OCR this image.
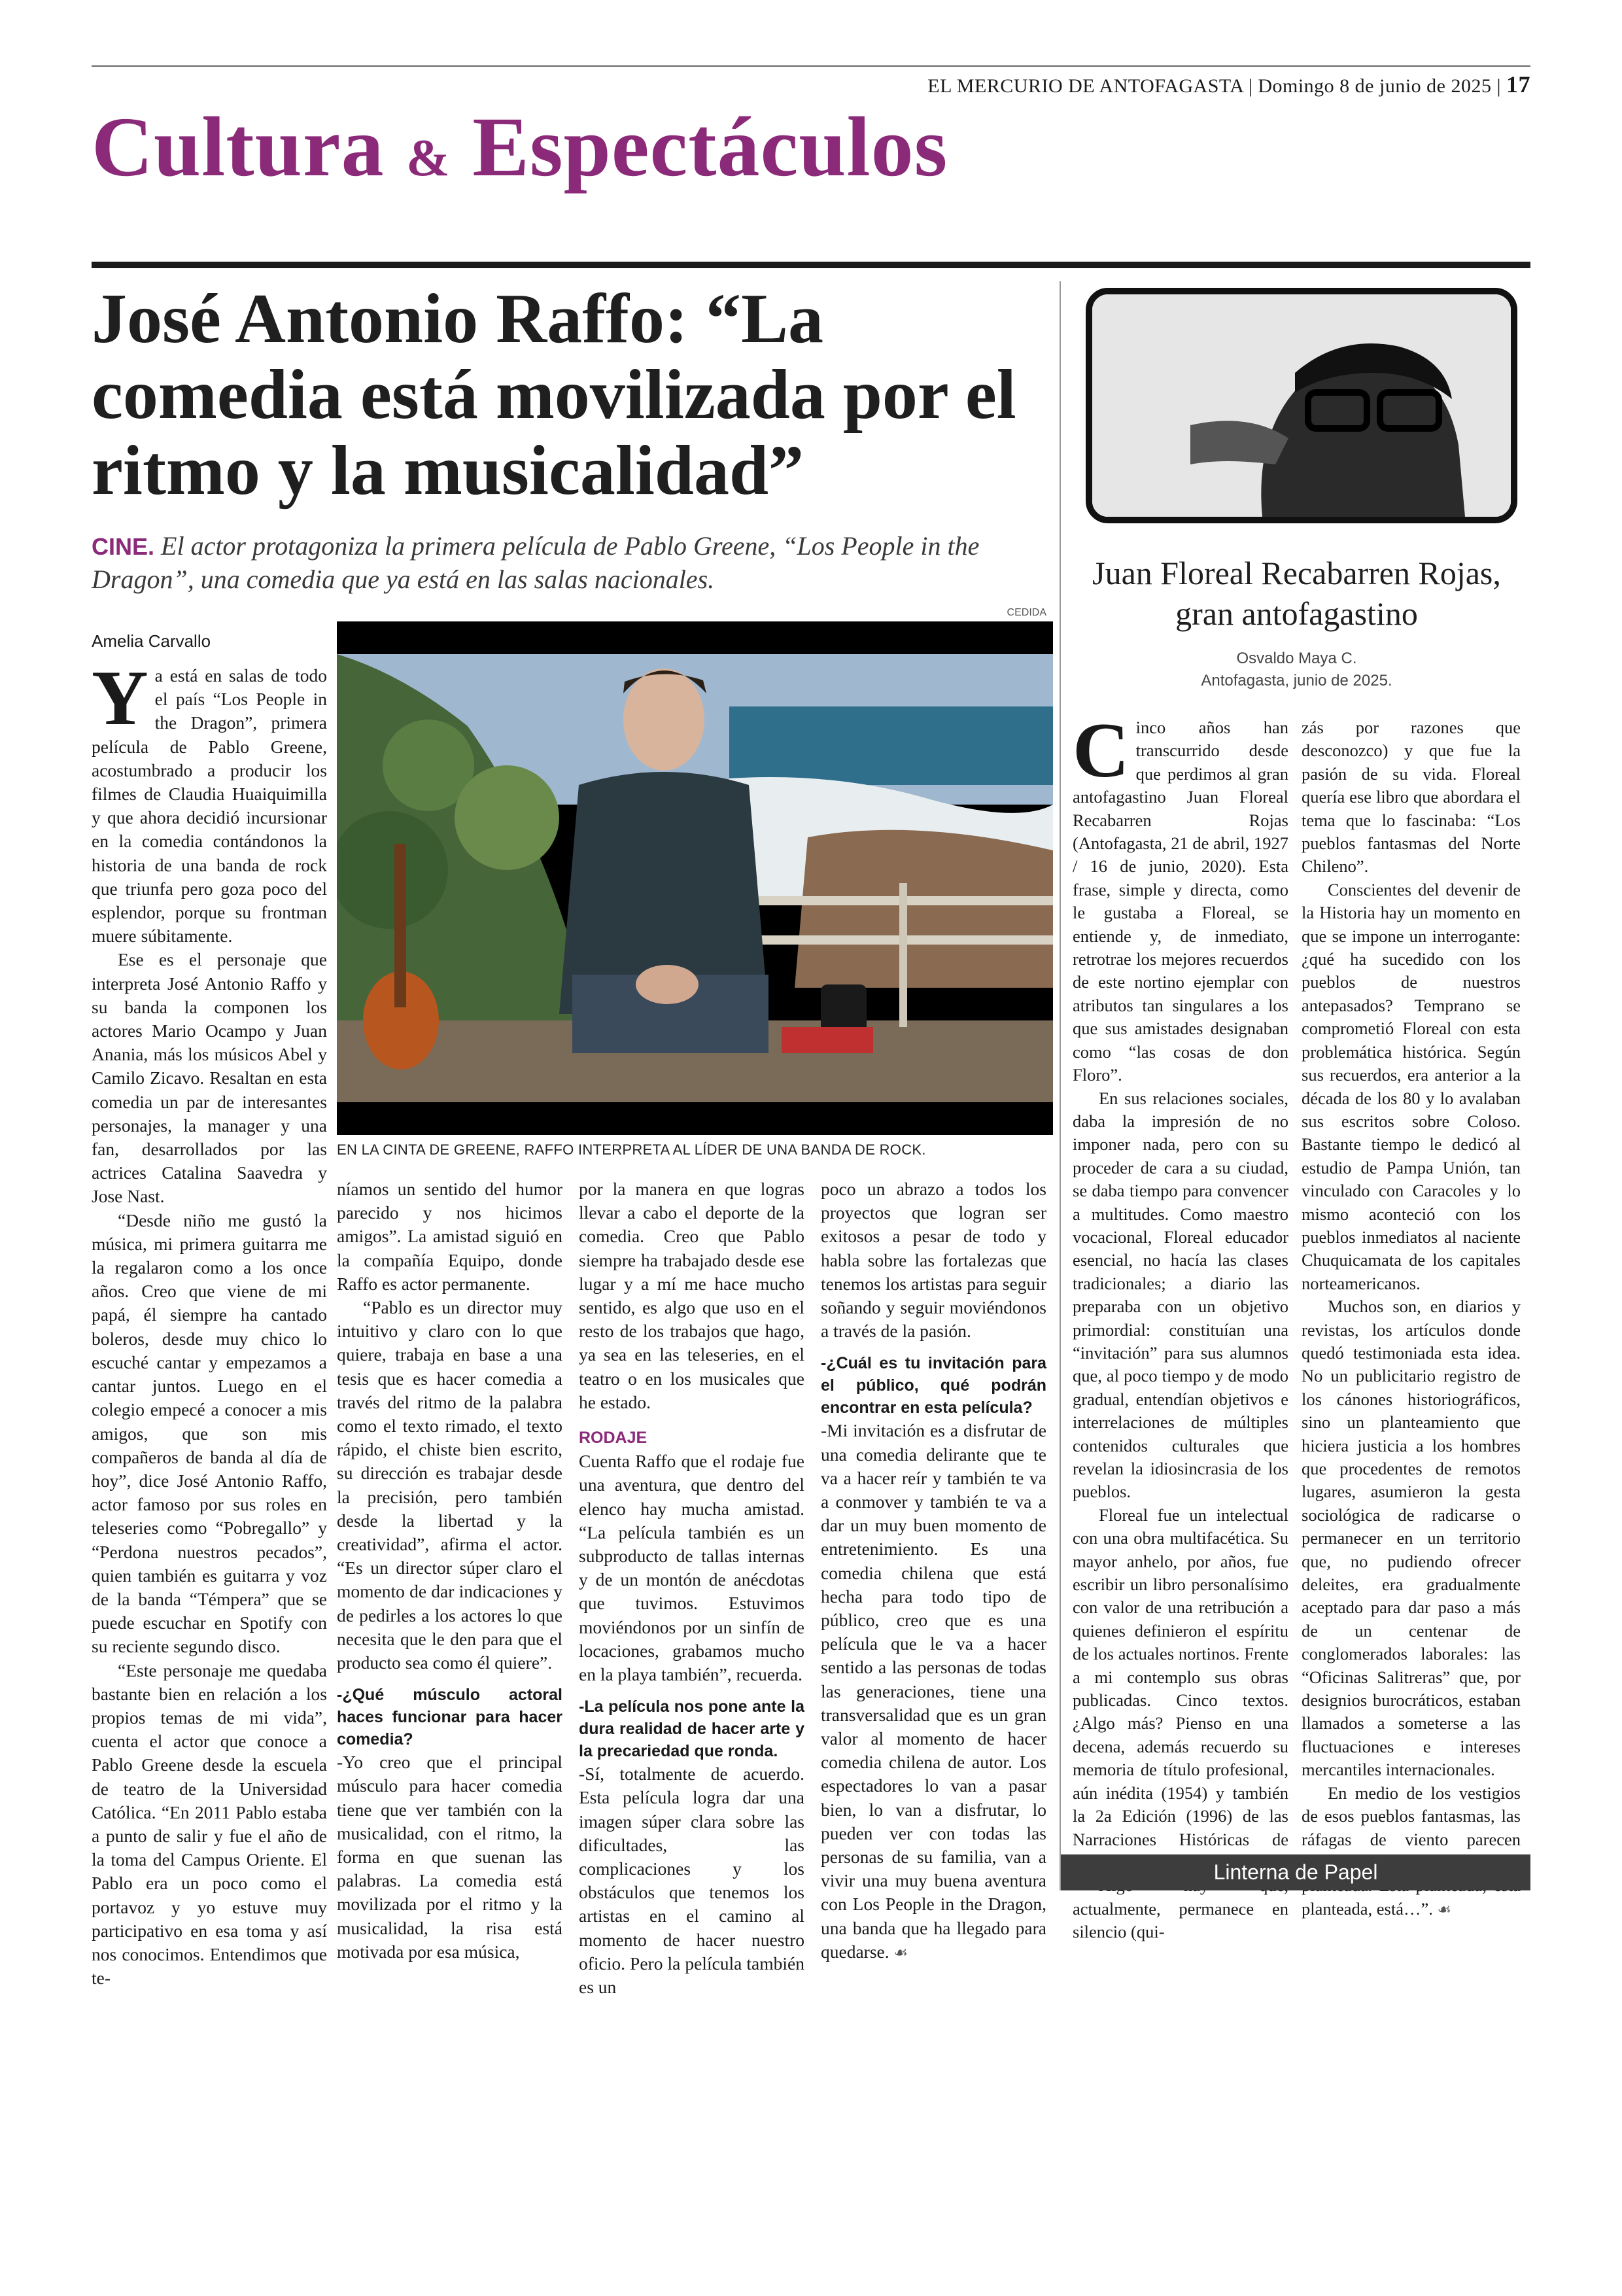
EL MERCURIO DE ANTOFAGASTA | Domingo 8 de junio de 2025 | 17
Cultura & Espectáculos
José Antonio Raffo: “La comedia está movilizada por el ritmo y la musicalidad”
CINE. El actor protagoniza la primera película de Pablo Greene, “Los People in the Dragon”, una comedia que ya está en las salas nacionales.
Amelia Carvallo
CEDIDA
EN LA CINTA DE GREENE, RAFFO INTERPRETA AL LÍDER DE UNA BANDA DE ROCK.

Ya está en salas de todo el país “Los People in the Dragon”, primera película de Pablo Greene, acostumbrado a producir los filmes de Claudia Huaiquimilla y que ahora decidió incursionar en la comedia contándonos la historia de una banda de rock que triunfa pero goza poco del esplendor, porque su frontman muere súbitamente.

Ese es el personaje que interpreta José Antonio Raffo y su banda la componen los actores Mario Ocampo y Juan Anania, más los músicos Abel y Camilo Zicavo. Resaltan en esta comedia un par de interesantes personajes, la manager y una fan, desarrollados por las actrices Catalina Saavedra y Jose Nast.

“Desde niño me gustó la música, mi primera guitarra me la regalaron como a los once años. Creo que viene de mi papá, él siempre ha cantado boleros, desde muy chico lo escuché cantar y empezamos a cantar juntos. Luego en el colegio empecé a conocer a mis amigos, que son mis compañeros de banda al día de hoy”, dice José Antonio Raffo, actor famoso por sus roles en teleseries como “Pobregallo” y “Perdona nuestros pecados”, quien también es guitarra y voz de la banda “Témpera” que se puede escuchar en Spotify con su reciente segundo disco.

“Este personaje me quedaba bastante bien en relación a los propios temas de mi vida”, cuenta el actor que conoce a Pablo Greene desde la escuela de teatro de la Universidad Católica. “En 2011 Pablo estaba a punto de salir y fue el año de la toma del Campus Oriente. El Pablo era un poco como el portavoz y yo estuve muy participativo en esa toma y así nos conocimos. Entendimos que te-

níamos un sentido del humor parecido y nos hicimos amigos”. La amistad siguió en la compañía Equipo, donde Raffo es actor permanente.

“Pablo es un director muy intuitivo y claro con lo que quiere, trabaja en base a una tesis que es hacer comedia a través del ritmo de la palabra como el texto rimado, el texto rápido, el chiste bien escrito, su dirección es trabajar desde la precisión, pero también desde la libertad y la creatividad”, afirma el actor. “Es un director súper claro el momento de dar indicaciones y de pedirles a los actores lo que necesita que le den para que el producto sea como él quiere”.

-¿Qué músculo actoral haces funcionar para hacer comedia?

-Yo creo que el principal músculo para hacer comedia tiene que ver también con la musicalidad, con el ritmo, la forma en que suenan las palabras. La comedia está movilizada por el ritmo y la musicalidad, la risa está motivada por esa música,

por la manera en que logras llevar a cabo el deporte de la comedia. Creo que Pablo siempre ha trabajado desde ese lugar y a mí me hace mucho sentido, es algo que uso en el resto de los trabajos que hago, ya sea en las teleseries, en el teatro o en los musicales que he estado.

RODAJE

Cuenta Raffo que el rodaje fue una aventura, que dentro del elenco hay mucha amistad. “La película también es un subproducto de tallas internas y de un montón de anécdotas que tuvimos. Estuvimos moviéndonos por un sinfín de locaciones, grabamos mucho en la playa también”, recuerda.

-La película nos pone ante la dura realidad de hacer arte y la precariedad que ronda.

-Sí, totalmente de acuerdo. Esta película logra dar una imagen súper clara sobre las dificultades, las complicaciones y los obstáculos que tenemos los artistas en el camino al momento de hacer nuestro oficio. Pero la película también es un

poco un abrazo a todos los proyectos que logran ser exitosos a pesar de todo y habla sobre las fortalezas que tenemos los artistas para seguir soñando y seguir moviéndonos a través de la pasión.

-¿Cuál es tu invitación para el público, qué podrán encontrar en esta película?

-Mi invitación es a disfrutar de una comedia delirante que te va a hacer reír y también te va a conmover y también te va a dar un muy buen momento de entretenimiento. Es una comedia chilena que está hecha para todo tipo de público, creo que es una película que le va a hacer sentido a las personas de todas las generaciones, tiene una transversalidad que es un gran valor al momento de hacer comedia chilena de autor. Los espectadores lo van a pasar bien, lo van a disfrutar, lo pueden ver con todas las personas de su familia, van a vivir una muy buena aventura con Los People in the Dragon, una banda que ha llegado para quedarse. ☙

Juan Floreal Recabarren Rojas, gran antofagastino
Osvaldo Maya C.
Antofagasta, junio de 2025.

Cinco años han transcurrido desde que perdimos al gran antofagastino Juan Floreal Recabarren Rojas (Antofagasta, 21 de abril, 1927 / 16 de junio, 2020). Esta frase, simple y directa, como le gustaba a Floreal, se entiende y, de inmediato, retrotrae los mejores recuerdos de este nortino ejemplar con atributos tan singulares a los que sus amistades designaban como “las cosas de don Floro”.

En sus relaciones sociales, daba la impresión de no imponer nada, pero con su proceder de cara a su ciudad, se daba tiempo para convencer a multitudes. Como maestro vocacional, Floreal educador esencial, no hacía las clases tradicionales; a diario las preparaba con un objetivo primordial: constituían una “invitación” para sus alumnos que, al poco tiempo y de modo gradual, entendían objetivos e interrelaciones de múltiples contenidos culturales que revelan la idiosincrasia de los pueblos.

Floreal fue un intelectual con una obra multifacética. Su mayor anhelo, por años, fue escribir un libro personalísimo con valor de una retribución a quienes definieron el espíritu de los actuales nortinos. Frente a mi contemplo sus obras publicadas. Cinco textos. ¿Algo más? Pienso en una decena, además recuerdo su memoria de título profesional, aún inédita (1954) y también la 2a Edición (1996) de las Narraciones Históricas de

actualmente, permanece en silencio (qui-

zás por razones que desconozco) y que fue la pasión de su vida. Floreal quería ese libro que abordara el tema que lo fascinaba: “Los pueblos fantasmas del Norte Chileno”.

Conscientes del devenir de la Historia hay un momento en que se impone un interrogante: ¿qué ha sucedido con los pueblos de nuestros antepasados? Temprano se comprometió Floreal con esta problemática histórica. Según sus recuerdos, era anterior a la década de los 80 y lo avalaban sus escritos sobre Coloso. Bastante tiempo le dedicó al estudio de Pampa Unión, tan vinculado con Caracoles y lo mismo aconteció con los pueblos inmediatos al naciente Chuquicamata de los capitales norteamericanos.

Muchos son, en diarios y revistas, los artículos donde quedó testimoniada esta idea. No un publicitario registro de los cánones historiográficos, sino un planteamiento que hiciera justicia a los hombres que procedentes de remotos lugares, asumieron la gesta sociológica de radicarse o permanecer en un territorio que, no pudiendo ofrecer deleites, era gradualmente aceptado para dar paso a más de un centenar de conglomerados laborales: las “Oficinas Salitreras” que, por designios burocráticos, estaban llamados a someterse a las fluctuaciones e intereses mercantiles internacionales.

En medio de los vestigios de esos pueblos fantasmas, las ráfagas de viento parecen planteada, está…”. ☙

Linterna de Papel
